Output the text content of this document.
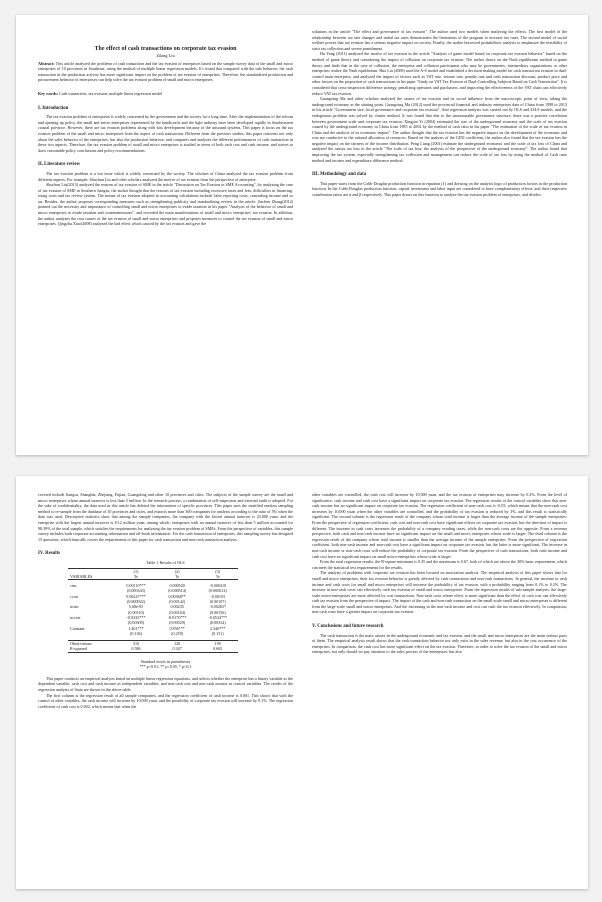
The effect of cash transactions on corporate tax evasion
Zilang Liu

Abstract: This article analyzed the problems of cash transaction and the tax evasion of enterprises based on the sample survey data of the small and micro enterprises of 10 provinces in Southeast, using the method of multiple linear regression models. It's found that compared with the sale behavior, the cash transaction in the production activity has more significant impact on the problem of tax evasion of enterprises. Therefore, the standardized production and procurement behavior of enterprises can help solve the tax evasion problem of small and micro enterprises.

Key words: Cash transaction; tax evasion; multiple linear regression model

I. Introduction

The tax evasion problem of enterprises is widely concerned by the government and the society for a long time. After the implementation of the reform and opening up policy, the small and micro enterprises represented by the handicrafts and the light industry have been developed rapidly in Southeastern coastal province. However, there are tax evasion problems along with fast development because of the unsound systems. This paper is focus on the tax evasion problem of the small and micro enterprises from the aspect of cash transaction. Different from the previous studies, this paper concerns not only about the sales behavior of the enterprises, but also the production behavior, and compares and analyzes the different performances of cash transaction in these two aspects. Therefore, the tax evasion problem of small and micro enterprises is studied in terms of both cash cost and cash income, and strives to draw reasonable policy conclusions and policy recommendations.

II. Literature review

The tax evasion problem is a hot issue which is widely concerned by the society. The scholars of China analyzed the tax evasion problem from different aspects. For example, Shuchun Liu and other scholars analyzed the motive of tax evasion from the perspective of enterprise.

Shuchun Liu(2013) analyzed the reasons of tax evasion of SME in the article "Discussion on Tax Evasion in SME Accounting", by analyzing the case of tax evasion of SME in Southern Jiangsu, the author thought that the reasons of tax evasion including excessive taxes and fees, difficulties in financing, rising costs and tax review system. The means of tax evasion adopted in accounting calculations include 'false reporting costs, concealing income and so on. Besides, the author proposes corresponding measures such as strengthening publicity and standardizing review in the article. Jiachen Zhang(2012) pointed out the necessity and importance of controlling small and micro enterprises to evade taxation in his paper "Analysis of the behavior of small and micro enterprises to evade taxation and countermeasures", and recorded the main manifestations of small and micro enterprises' tax evasion. In addition, the author analyzes the root causes of the tax evasion of small and micro enterprises and proposes measures to control the tax evasion of small and micro enterprises. Qingzhu Xiao(2008) analyzed the bad effect which caused by the tax evasion and gave the

solutions in the article "The effect and governance of tax evasion". The author used two models when analyzing the effects. The first model of the relationship between tax rate changes and initial tax rates demonstrates the limitations of the program to increase tax rates. The second model of social welfare proves that tax evasion has a serious negative impact on society. Finally, the author borrowed probabilistic analysis to emphasize the feasibility of strict tax collection and severe punishment.

Hu Yang (2011) analyzed the motive of tax evasion in the article "Analysis of game model based on corporate tax evasion behavior" based on the method of game theory and considering the impact of collusion on corporate tax evasion. The author draws on the Nash equilibrium method in game theory and finds that in the case of collusion, the enterprise and collusion participants who may be governments, intermediary organizations or other enterprises realize the Nash equilibrium. Hua Liu (2008) used the A-S model and established a decision-making model for cash transaction evasion in dual-control main enterprise, and analyzed the impact of factors such as VAT rate, seizure rate, penalty rate and cash transaction discount, product price and other factors on the proportion of cash transactions in his paper "Study on VAT Tax Evasion of Dual-Controlling Subjects Based on Cash Transaction". It is considered that cross-inspection difference strategy, penalizing operators and purchasers, and improving the effectiveness of the VAT chain can effectively reduce VAT tax evasion.

Guangxing Ma and other scholars analyzed the causes of tax evasion and its social influence from the macroscopic point of view, taking the underground economy as the starting point. Guangxing Ma (2012) used the provincial financial and industry enterprises data of China from 1998 to 2013 in his article "Government size, local governance and corporate tax evasion". And regression analysis was carried out by OLS and 2SLS models, and the endogenous problem was solved by cluster method. It was found that due to the unreasonable governance structure, there was a positive correlation between government scale and corporate tax evasion. Xingjun Yi (2004) estimated the size of the underground economy and the scale of tax evasion caused by the underground economy in China from 1985 to 2002 by the method of cash ratio in his paper "The estimation of the scale of tax evasion in China and the analysis of its economic impact". The author thought that the tax evasion has the negative impact on the development of the economic and was not conducive to the rational allocation of resources. Based on the analysis of the GINI coefficient, the author also found that the tax evasion has the negative impact on the fairness of the income distribution. Peng Liang (2001) estimate the underground economic and the scale of tax loss of China and analyzed the causes tax loss in the article "The scale of tax loss: the analysis of the perspective of the underground economy". The author found that improving the tax system, especially strengthening tax collection and management can reduce the scale of tax loss by using the method of Cash ratio method and income and expenditure difference method.

III. Methodology and data

This paper starts from the Cobb-Douglas production function in equation (1) and drawing on the analysis logic of production factors in the production function. In the Cobb-Douglas production function, capital investment and labor input are considered to have complementary effects, and their respective contribution ratios are α and β respectively. This paper draws on this function to analyze the tax evasion problem of enterprises, and divides

covered include Jiangsu, Shanghai, Zhejiang, Fujian, Guangdong and other 10 provinces and cities. The subjects of the sample survey are the small and micro enterprises whose annual turnover is less than 5 million. In the research process, a combination of self-inspection and external audit is adopted. For the sake of confidentiality, the data used in this article has deleted the information of specific provinces. This paper uses the stratified random sampling method to re-sample from the database of 10 provinces and cities, and extracts more than 300 companies for analysis according to the ratio of 5% when the data was used. Descriptive statistics show that among the sample companies, the company with the lowest annual turnover is 23,000 yuan, and the enterprise with the largest annual turnover is 8.12 million yuan, among which, enterprises with an annual turnover of less than 5 million accounted for 98.39% of the total sample, which satisfies the requirements for analyzing the tax evasion problem of SMEs. From the perspective of variables, this sample survey includes both corporate accounting information and off-book information. For the cash transaction of enterprises, this sampling survey has designed 15 questions, which basically covers the requirements of this paper for cash transaction and non-cash transaction analysis.

IV. Results
Table 1 Results of OLS
	(1)	(2)	(3)
VARIABLES	Te	Te	Te

cinc	0.00110***	0.000520	-0.000410
	(0.000343)	(0.000514)	(0.000612)
ccost	0.00247***	0.00368**	-0.00103
	(0.000922)	(0.00142)	(0.00107)
ncinc	5.68e-05	0.00235	-0.00265*
	(0.00110)	(0.00164)	(0.00156)
nccost	-0.0335***	-0.0170***	-0.0534***
	(0.00309)	(0.00529)	(0.00334)
Constant	1.401***	0.856***	2.346***
	(0.136)	(0.259)	(0.151)

Observations	310	120	190
R-squared	0.586	0.347	0.665
Standard errors in parentheses
*** p<0.01, ** p<0.05, * p<0.1

This paper conducts an empirical analysis based on multiple linear regression equations, and selects whether the enterprise has a binary variable as the dependent variable, cash cost and cash income as independent variables, and non-cash cost and non-cash income as control variables. The results of the regression analysis of Stata are shown in the above table.

The first column is the regression result of all sample companies, and the regression coefficient of cash income is 0.001. This shows that with the control of other variables, the cash income will increase by 10,000 yuan, and the possibility of corporate tax evasion will increase by 0.1%. The regression coefficient of cash cost is 0.002, which means that when the

other variables are controlled, the cash cost will increase by 10,000 yuan, and the tax evasion of enterprises may increase by 0.2%. From the level of significance, cash income and cash cost have a significant impact on corporate tax evasion. The regression results of the control variables show that non-cash income has no significant impact on corporate tax evasion. The regression coefficient of non-cash cost is -0.03, which means that the non-cash cost increases by 10,000 yuan when the other variables are controlled, and the probability of tax evasion is reduced by 3%, and this result is statistically significant. The second column is the regression result of the company whose total income is larger than the average income of the sample enterprises. From the perspective of regression coefficient, cash cost and non-cash cost have significant effects on corporate tax evasion, but the direction of impact is different. The increase in cash costs increases the probability of a company evading taxes, while the non-cash costs are the opposite. From a revenue perspective, both cash and non-cash income have no significant impact on the small and micro enterprises whose scale is larger. The third column is the regression result of the company whose total income is smaller than the average income of the sample enterprises. From the perspective of regression coefficient, both non-cash income and non-cash cost have a significant impact on corporate tax evasion, but the latter is more significant. The increase in non-cash income or non-cash costs will reduce the probability of corporate tax evasion. From the perspective of cash transactions, both cash income and cash cost have no significant impact on small micro-enterprises whose scale is larger.

From the total regression results, the R-square minimum is 0.35 and the maximum is 0.67, both of which are above the 30% basic requirement, which can meet the statistical test requirements for the results.

The analysis of problems with corporate tax evasion has been focused on motivation analysis. The empirical analysis of this paper shows that for small and micro enterprises, their tax evasion behavior is greatly affected by cash transactions and non-cash transactions. In general, the increase in cash income and cash costs for small and micro enterprises will increase the probability of tax evasion, with a probability ranging from 0.1% to 0.2%. The increase in non-cash costs can effectively curb tax evasion of small and micro enterprises. From the regression results of sub-sample analysis, the large-scale micro-enterprises are more affected by cost transactions. Non-cash costs whose effect is more significant than the effect of cash cost can effectively curb tax evasion from the perspective of impact. The impact of the cash and non-cash transaction on the small-scale small and micro enterprises is different from the large-scale small and micro enterprises. And the increasing in the non-cash income and cost can curb the tax evasion effectively. In comparison, non-cash costs have a greater impact on corporate tax evasion.

V. Conclusions and future research

The cash transaction is the main causes in the underground economic and tax evasion, and the small and micro enterprises are the main serious parts of them. The empirical analysis result shows that the cash transaction behavior not only exits in the sales revenue, but also in the cost occurrence of the enterprises. In comparison, the cash cost has more significant effect on the tax evasion. Therefore, in order to solve the tax evasion of the small and micro enterprises, not only should we pay attention to the sales process of the enterprises, but also
